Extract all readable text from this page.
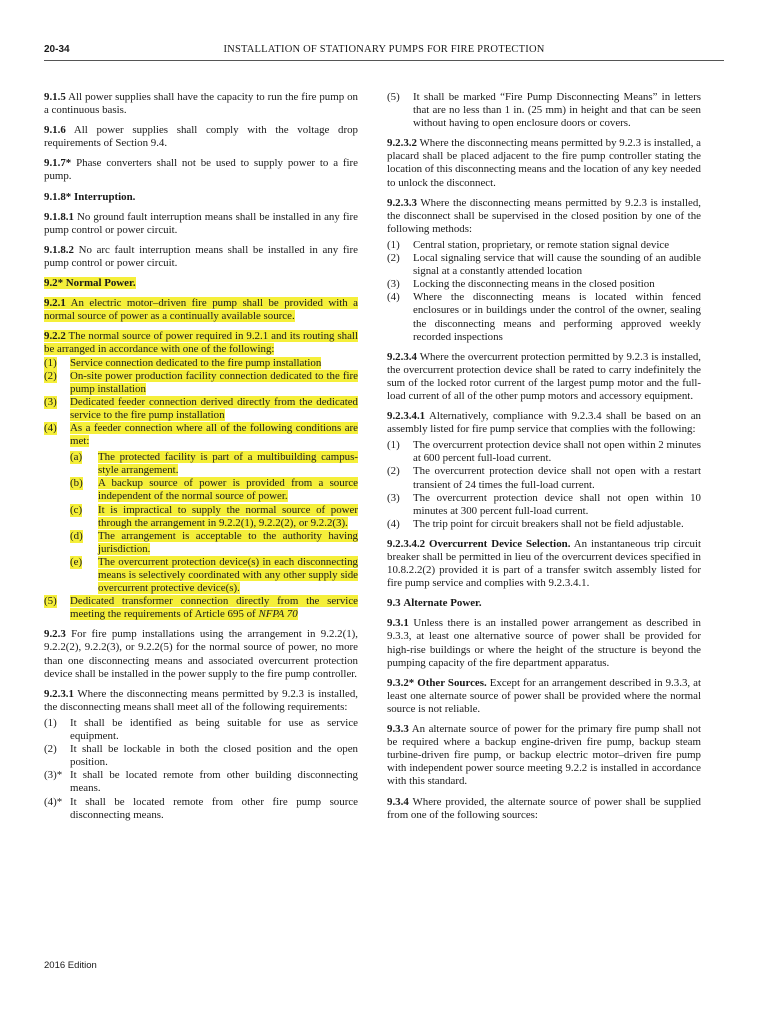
20-34	INSTALLATION OF STATIONARY PUMPS FOR FIRE PROTECTION

9.1.5 All power supplies shall have the capacity to run the fire pump on a continuous basis.

9.1.6 All power supplies shall comply with the voltage drop requirements of Section 9.4.

9.1.7* Phase converters shall not be used to supply power to a fire pump.

9.1.8* Interruption.

9.1.8.1 No ground fault interruption means shall be installed in any fire pump control or power circuit.

9.1.8.2 No arc fault interruption means shall be installed in any fire pump control or power circuit.

9.2* Normal Power.

9.2.1 An electric motor–driven fire pump shall be provided with a normal source of power as a continually available source.

9.2.2 The normal source of power required in 9.2.1 and its routing shall be arranged in accordance with one of the following:

(1) Service connection dedicated to the fire pump installation
(2) On-site power production facility connection dedicated to the fire pump installation
(3) Dedicated feeder connection derived directly from the dedicated service to the fire pump installation
(4) As a feeder connection where all of the following conditions are met:
(a) The protected facility is part of a multibuilding campus-style arrangement.
(b) A backup source of power is provided from a source independent of the normal source of power.
(c) It is impractical to supply the normal source of power through the arrangement in 9.2.2(1), 9.2.2(2), or 9.2.2(3).
(d) The arrangement is acceptable to the authority having jurisdiction.
(e) The overcurrent protection device(s) in each disconnecting means is selectively coordinated with any other supply side overcurrent protective device(s).
(5) Dedicated transformer connection directly from the service meeting the requirements of Article 695 of NFPA 70

9.2.3 For fire pump installations using the arrangement in 9.2.2(1), 9.2.2(2), 9.2.2(3), or 9.2.2(5) for the normal source of power, no more than one disconnecting means and associated overcurrent protection device shall be installed in the power supply to the fire pump controller.

9.2.3.1 Where the disconnecting means permitted by 9.2.3 is installed, the disconnecting means shall meet all of the following requirements:

(1) It shall be identified as being suitable for use as service equipment.
(2) It shall be lockable in both the closed position and the open position.
(3)* It shall be located remote from other building disconnecting means.
(4)* It shall be located remote from other fire pump source disconnecting means.
(5) It shall be marked “Fire Pump Disconnecting Means” in letters that are no less than 1 in. (25 mm) in height and that can be seen without having to open enclosure doors or covers.

9.2.3.2 Where the disconnecting means permitted by 9.2.3 is installed, a placard shall be placed adjacent to the fire pump controller stating the location of this disconnecting means and the location of any key needed to unlock the disconnect.

9.2.3.3 Where the disconnecting means permitted by 9.2.3 is installed, the disconnect shall be supervised in the closed position by one of the following methods:

(1) Central station, proprietary, or remote station signal device
(2) Local signaling service that will cause the sounding of an audible signal at a constantly attended location
(3) Locking the disconnecting means in the closed position
(4) Where the disconnecting means is located within fenced enclosures or in buildings under the control of the owner, sealing the disconnecting means and performing approved weekly recorded inspections

9.2.3.4 Where the overcurrent protection permitted by 9.2.3 is installed, the overcurrent protection device shall be rated to carry indefinitely the sum of the locked rotor current of the largest pump motor and the full-load current of all of the other pump motors and accessory equipment.

9.2.3.4.1 Alternatively, compliance with 9.2.3.4 shall be based on an assembly listed for fire pump service that complies with the following:

(1) The overcurrent protection device shall not open within 2 minutes at 600 percent full-load current.
(2) The overcurrent protection device shall not open with a restart transient of 24 times the full-load current.
(3) The overcurrent protection device shall not open within 10 minutes at 300 percent full-load current.
(4) The trip point for circuit breakers shall not be field adjustable.

9.2.3.4.2 Overcurrent Device Selection. An instantaneous trip circuit breaker shall be permitted in lieu of the overcurrent devices specified in 10.8.2.2(2) provided it is part of a transfer switch assembly listed for fire pump service and complies with 9.2.3.4.1.

9.3 Alternate Power.

9.3.1 Unless there is an installed power arrangement as described in 9.3.3, at least one alternative source of power shall be provided for high-rise buildings or where the height of the structure is beyond the pumping capacity of the fire department apparatus.

9.3.2* Other Sources. Except for an arrangement described in 9.3.3, at least one alternate source of power shall be provided where the normal source is not reliable.

9.3.3 An alternate source of power for the primary fire pump shall not be required where a backup engine-driven fire pump, backup steam turbine-driven fire pump, or backup electric motor–driven fire pump with independent power source meeting 9.2.2 is installed in accordance with this standard.

9.3.4 Where provided, the alternate source of power shall be supplied from one of the following sources:

2016 Edition
